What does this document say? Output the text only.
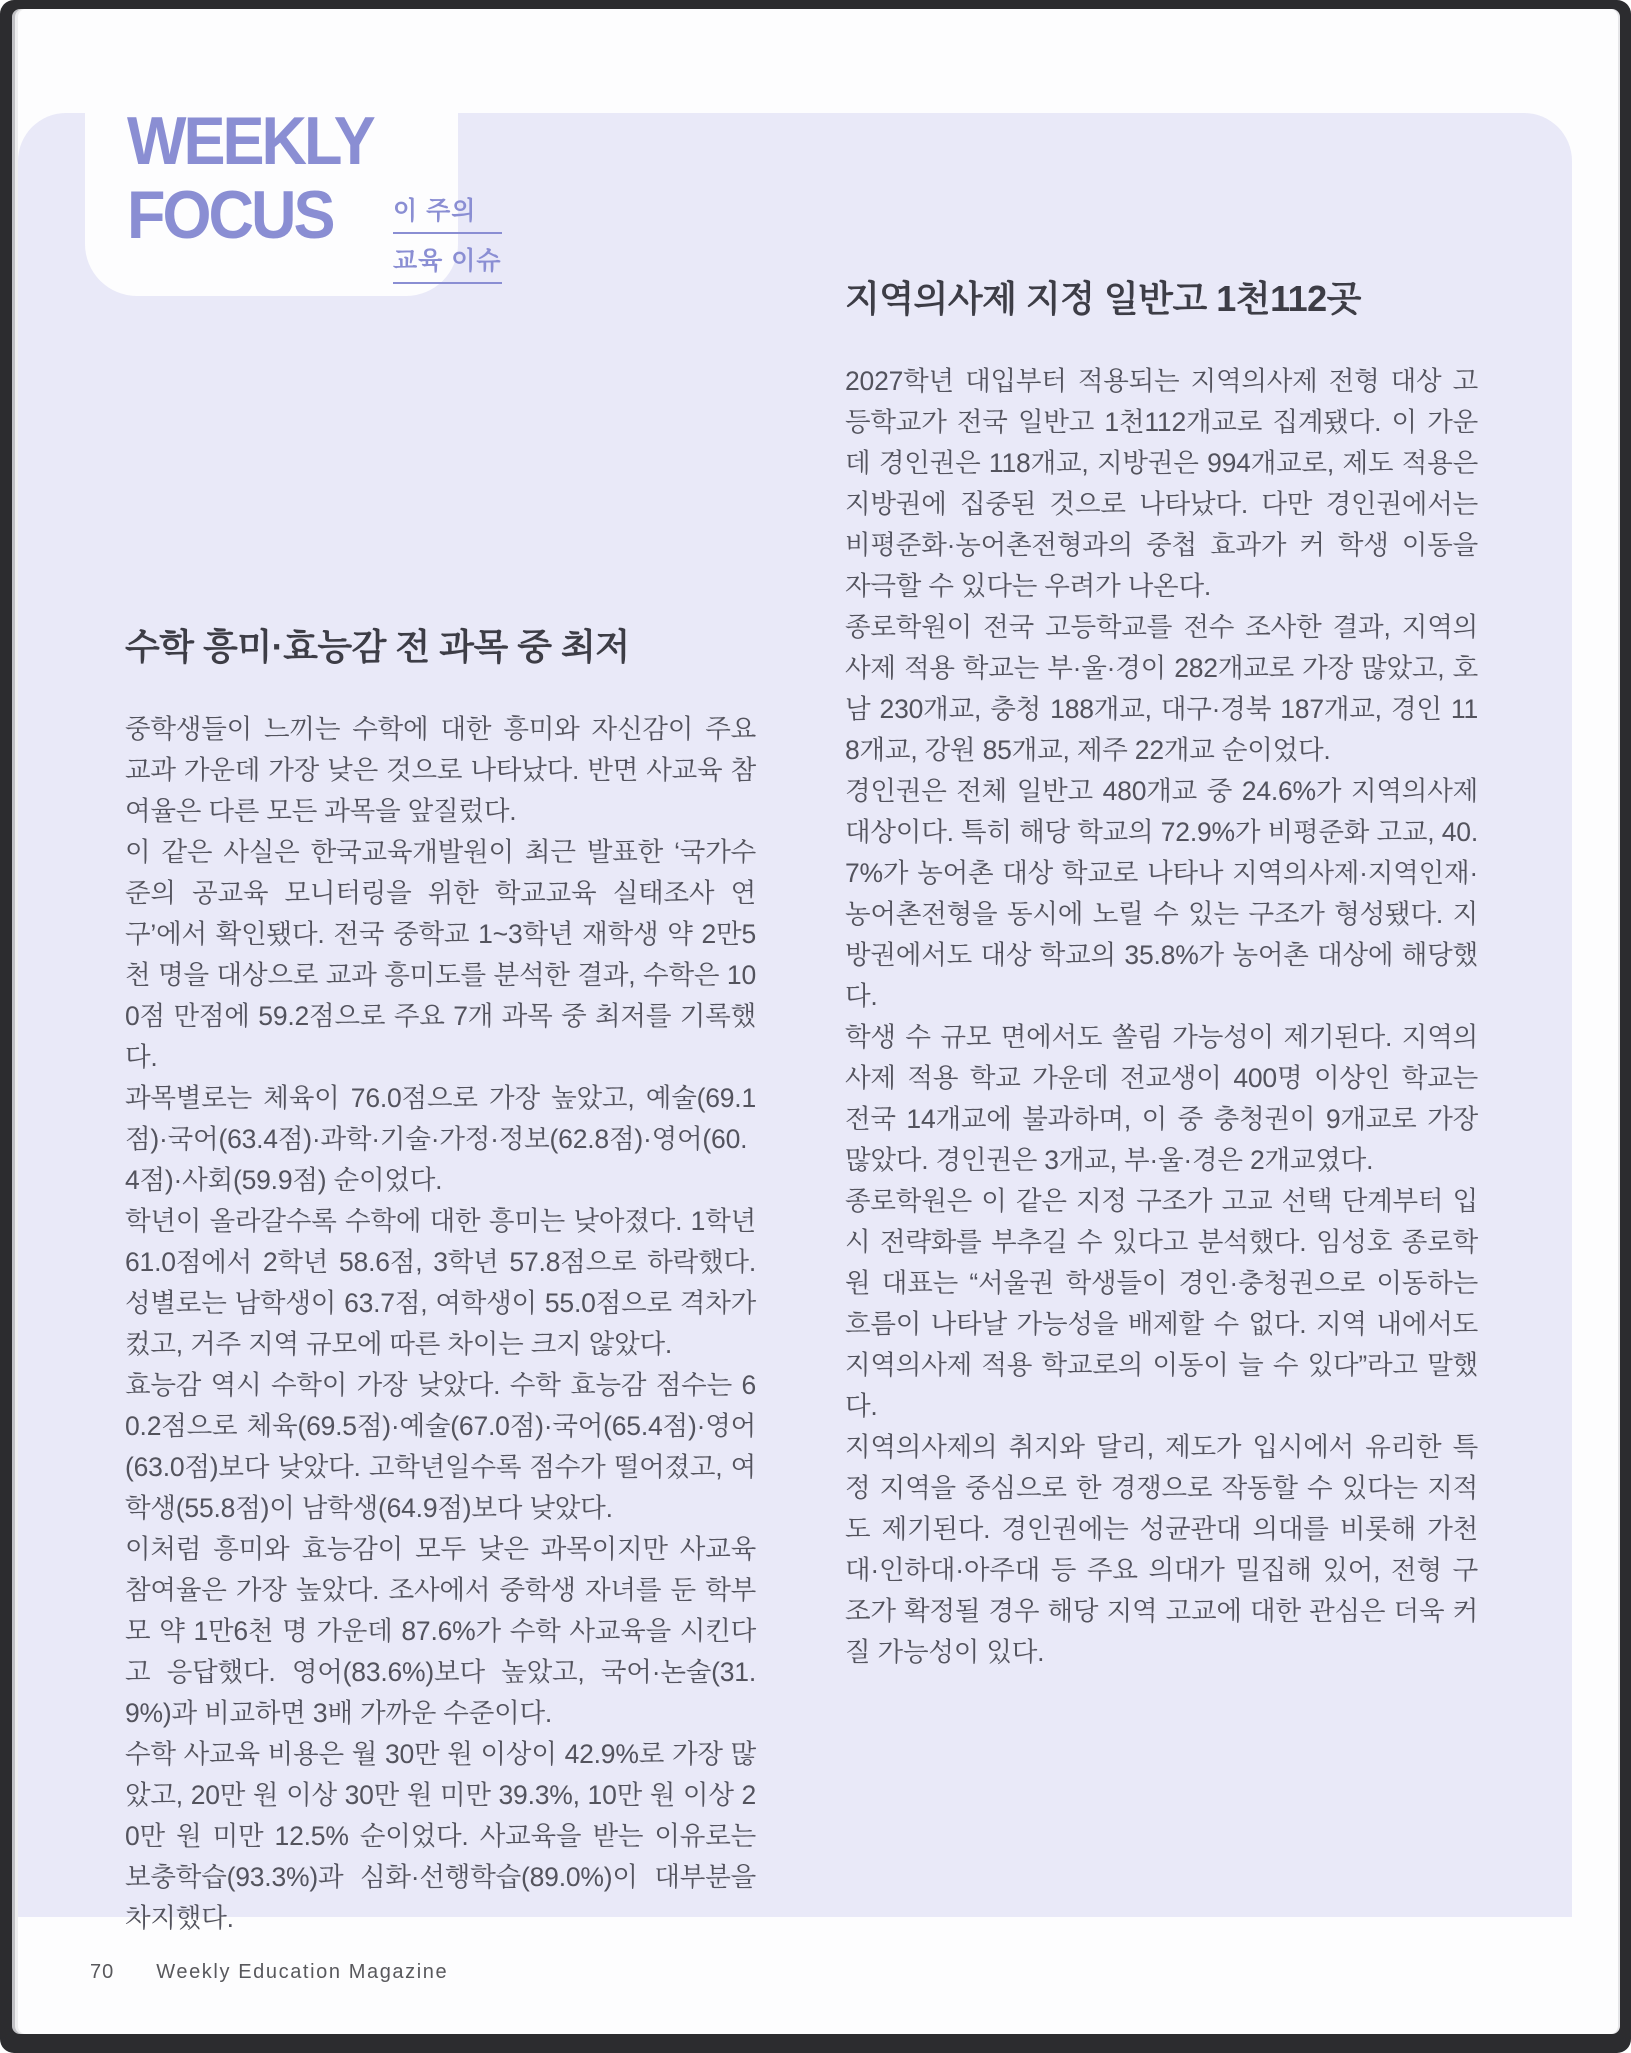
WEEKLY
FOCUS 이 주의
교육 이슈
수학 흥미·효능감 전 과목 중 최저

중학생들이 느끼는 수학에 대한 흥미와 자신감이 주요 교과 가운데 가장 낮은 것으로 나타났다. 반면 사교육 참여율은 다른 모든 과목을 앞질렀다.

이 같은 사실은 한국교육개발원이 최근 발표한 ‘국가수준의 공교육 모니터링을 위한 학교교육 실태조사 연구’에서 확인됐다. 전국 중학교 1~3학년 재학생 약 2만5천 명을 대상으로 교과 흥미도를 분석한 결과, 수학은 100점 만점에 59.2점으로 주요 7개 과목 중 최저를 기록했다.

과목별로는 체육이 76.0점으로 가장 높았고, 예술(69.1점)·국어(63.4점)·과학·기술·가정·정보(62.8점)·영어(60.4점)·사회(59.9점) 순이었다.

학년이 올라갈수록 수학에 대한 흥미는 낮아졌다. 1학년 61.0점에서 2학년 58.6점, 3학년 57.8점으로 하락했다. 성별로는 남학생이 63.7점, 여학생이 55.0점으로 격차가 컸고, 거주 지역 규모에 따른 차이는 크지 않았다.

효능감 역시 수학이 가장 낮았다. 수학 효능감 점수는 60.2점으로 체육(69.5점)·예술(67.0점)·국어(65.4점)·영어(63.0점)보다 낮았다. 고학년일수록 점수가 떨어졌고, 여학생(55.8점)이 남학생(64.9점)보다 낮았다.

이처럼 흥미와 효능감이 모두 낮은 과목이지만 사교육 참여율은 가장 높았다. 조사에서 중학생 자녀를 둔 학부모 약 1만6천 명 가운데 87.6%가 수학 사교육을 시킨다고 응답했다. 영어(83.6%)보다 높았고, 국어·논술(31.9%)과 비교하면 3배 가까운 수준이다.

수학 사교육 비용은 월 30만 원 이상이 42.9%로 가장 많았고, 20만 원 이상 30만 원 미만 39.3%, 10만 원 이상 20만 원 미만 12.5% 순이었다. 사교육을 받는 이유로는 보충학습(93.3%)과 심화·선행학습(89.0%)이 대부분을 차지했다.

지역의사제 지정 일반고 1천112곳

2027학년 대입부터 적용되는 지역의사제 전형 대상 고등학교가 전국 일반고 1천112개교로 집계됐다. 이 가운데 경인권은 118개교, 지방권은 994개교로, 제도 적용은 지방권에 집중된 것으로 나타났다. 다만 경인권에서는 비평준화·농어촌전형과의 중첩 효과가 커 학생 이동을 자극할 수 있다는 우려가 나온다.

종로학원이 전국 고등학교를 전수 조사한 결과, 지역의사제 적용 학교는 부·울·경이 282개교로 가장 많았고, 호남 230개교, 충청 188개교, 대구·경북 187개교, 경인 118개교, 강원 85개교, 제주 22개교 순이었다.

경인권은 전체 일반고 480개교 중 24.6%가 지역의사제 대상이다. 특히 해당 학교의 72.9%가 비평준화 고교, 40.7%가 농어촌 대상 학교로 나타나 지역의사제·지역인재·농어촌전형을 동시에 노릴 수 있는 구조가 형성됐다. 지방권에서도 대상 학교의 35.8%가 농어촌 대상에 해당했다.

학생 수 규모 면에서도 쏠림 가능성이 제기된다. 지역의사제 적용 학교 가운데 전교생이 400명 이상인 학교는 전국 14개교에 불과하며, 이 중 충청권이 9개교로 가장 많았다. 경인권은 3개교, 부·울·경은 2개교였다.

종로학원은 이 같은 지정 구조가 고교 선택 단계부터 입시 전략화를 부추길 수 있다고 분석했다. 임성호 종로학원 대표는 “서울권 학생들이 경인·충청권으로 이동하는 흐름이 나타날 가능성을 배제할 수 없다. 지역 내에서도 지역의사제 적용 학교로의 이동이 늘 수 있다”라고 말했다.

지역의사제의 취지와 달리, 제도가 입시에서 유리한 특정 지역을 중심으로 한 경쟁으로 작동할 수 있다는 지적도 제기된다. 경인권에는 성균관대 의대를 비롯해 가천대·인하대·아주대 등 주요 의대가 밀집해 있어, 전형 구조가 확정될 경우 해당 지역 고교에 대한 관심은 더욱 커질 가능성이 있다.

70 Weekly Education Magazine
